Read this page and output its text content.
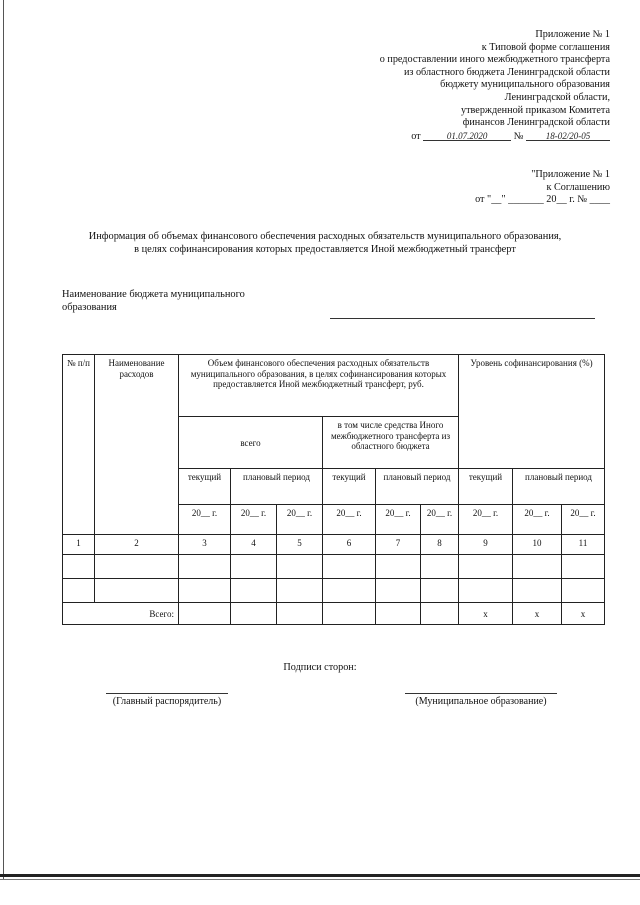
Приложение № 1
к Типовой форме соглашения
о предоставлении иного межбюджетного трансферта
из областного бюджета Ленинградской области
бюджету муниципального образования
Ленинградской области,
утвержденной приказом Комитета
финансов Ленинградской области
от	01.07.2020	№ 18-02/20-05
"Приложение № 1
к Соглашению
от "__" _______ 20__ г. № ____
Информация об объемах финансового обеспечения расходных обязательств муниципального образования,
в целях софинансирования которых предоставляется Иной межбюджетный трансферт
Наименование бюджета муниципального образования
№ п/п	Наименование расходов	Объем финансового обеспечения расходных обязательств муниципального образования, в целях софинансирования которых предоставляется Иной межбюджетный трансферт, руб.						Уровень софинансирования (%)		
		всего			в том числе средства Иного межбюджетного трансферта из областного бюджета					
		текущий	плановый период		текущий	плановый период		текущий	плановый период	
		20__ г.	20__ г.	20__ г.	20__ г.	20__ г.	20__ г.	20__ г.	20__ г.	20__ г.

1	2	3	4	5	6	7	8	9	10	11

Всего:								х	х	х
Подписи сторон:
(Главный распорядитель)	(Муниципальное образование)
